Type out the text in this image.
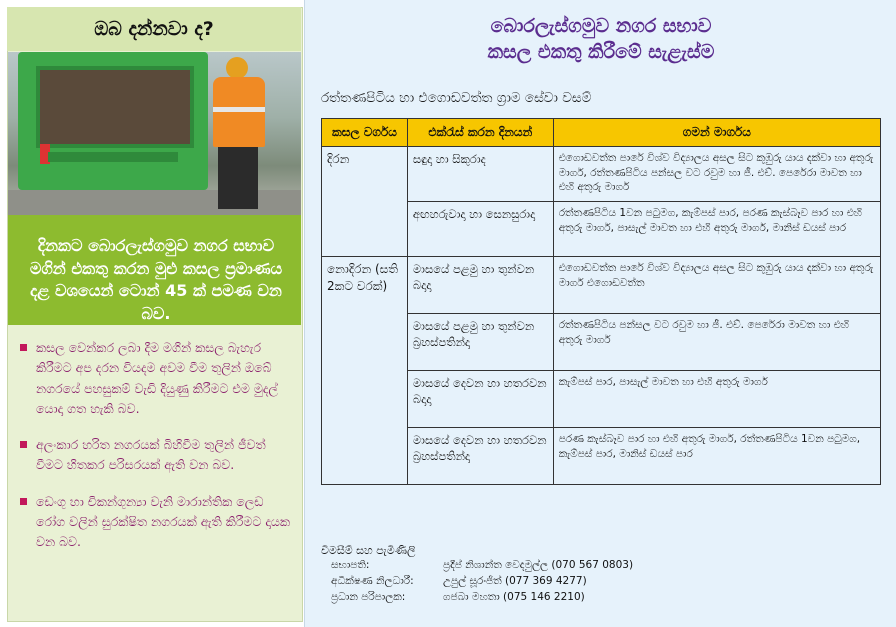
ඔබ දන්නවා ද?

දිනකට බොරලැස්ගමුව නගර සභාව මගින් එකතු කරන මුළු කසල ප්‍රමාණය දළ වශයෙන් ටොන් 45 ක් පමණ වන බව.

කසල වෙන්කර ලබා දීම මගින් කසල බැහැර කිරීමට අප දරන වියදම අවම වීම තුලින් ඔබේ නගරයේ පහසුකම් වැඩි දියුණු කිරීමට එම මුදල් යොදා ගත හැකි බව.
අලංකාර හරිත නගරයක් බිහිවීම තුලින් ජීවත් වීමට හිතකර පරිසරයක් ඇති වන බව.
ඩෙංගු හා චිකන්ගුන්‍යා වැනි මාරාන්තික ලෙඩ රෝග වලින් සුරක්ෂිත නගරයක් ඇති කිරීමට දායක වන බව.
බොරලැස්ගමුව නගර සභාව
කසල එකතු කිරීමේ සැළැස්ම
රත්තණපිටිය හා එගොඩවත්ත ග්‍රාම සේවා වසම්
කසල වර්ගය	එක්රැස් කරන දිනයන්	ගමන් මාර්ගය
දිරන	සඳුදා හා සිකුරාද	එගොඩවත්ත පාරේ විශ්ව විද්‍යාලය අසල සිට කුඹුරු යාය දක්වා හා අතුරු මාර්ග, රත්තණපිටිය පන්සල වට රවුම හා ජී. එච්. පෙරේරා මාවත හා එහි අතුරු මාර්ග
	අඟහරුවාදා හා සෙනසුරාදා	රත්තණපිටිය 1වන පටුමග, කැම්පස් පාර, පරණ කැස්බෑව පාර හා එහි අතුරු මාර්ග, පාසැල් මාවත හා එහි අතුරු මාර්ග, මානිස් ඩයස් පාර
නොදිරන (සති 2කට වරක්)	මාසයේ පළමු හා තුන්වන බදාදා	එගොඩවත්ත පාරේ විශ්ව විද්‍යාලය අසල සිට කුඹුරු යාය දක්වා හා අතුරු මාර්ග එගොඩවත්ත
	මාසයේ පළමු හා තුන්වන බ්‍රහස්පතින්දා	රත්තණපිටිය පන්සල වට රවුම හා ජී. එච්. පෙරේරා මාවත හා එහි අතුරු මාර්ග
	මාසයේ දෙවන හා හතරවන බදාදා	කැම්පස් පාර, පාසැල් මාවත හා එහි අතුරු මාර්ග
	මාසයේ දෙවන හා හතරවන බ්‍රහස්පතින්දා	පරණ කැස්බෑව පාර හා එහි අතුරු මාර්ග, රත්තණපිටිය 1වන පටුමග, කැම්පස් පාර, මානිස් ඩයස් පාර
විමසීම් සහ පැමිණිලි
සභාපති:	ප්‍රදීප් නිශාන්ත වෙදමුල්ල (070 567 0803)
අධීක්ෂණ නිලධාරී:	උපුල් සූරංජිත් (077 369 4277)
ප්‍රධාන පරිපාලක:	ගජබා මහතා (075 146 2210)
